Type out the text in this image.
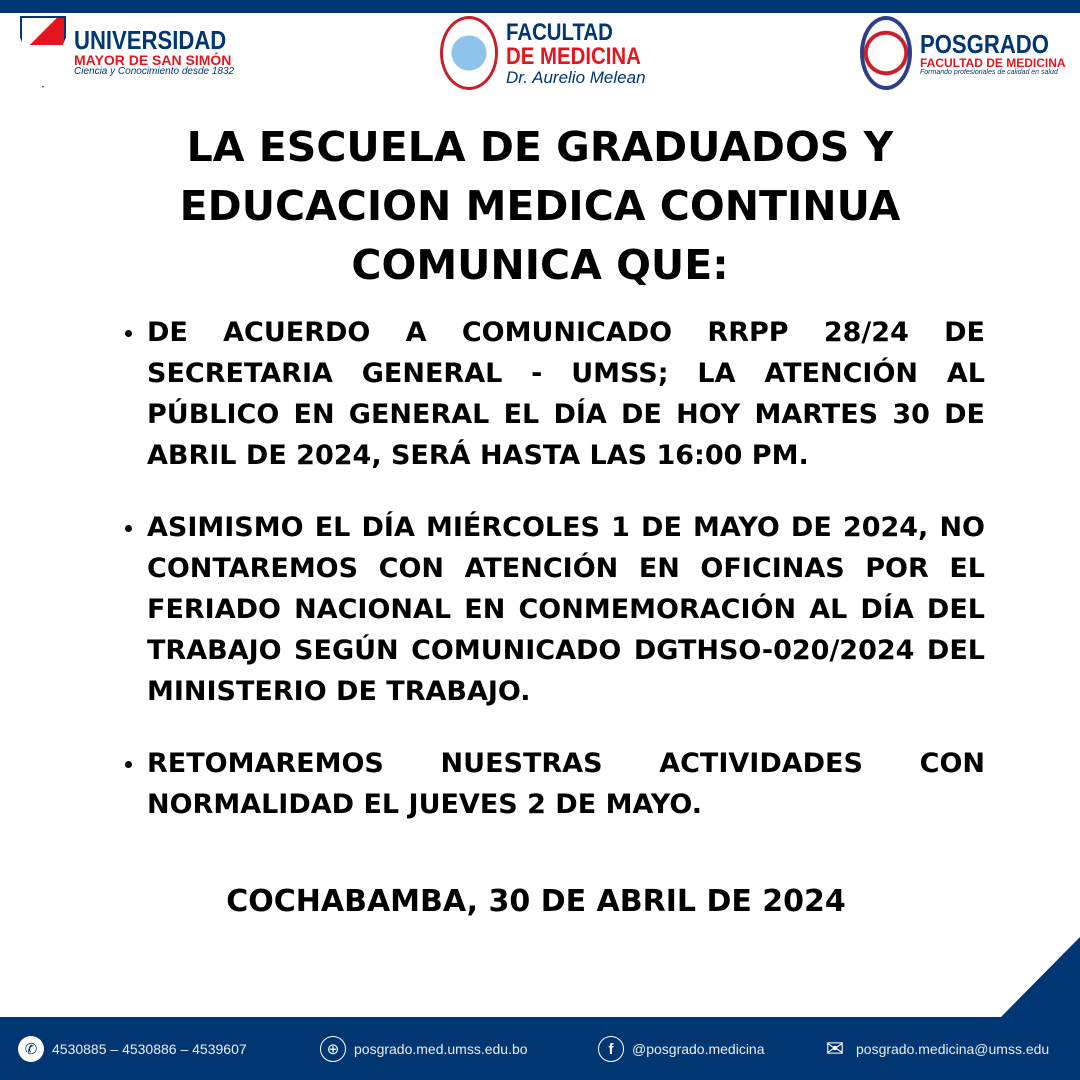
UNIVERSIDAD
MAYOR DE SAN SIMÓN
Ciencia y Conocimiento desde 1832
FACULTAD
DE MEDICINA
Dr. Aurelio Melean
POSGRADO
FACULTAD DE MEDICINA
Formando profesionales de calidad en salud
LA ESCUELA DE GRADUADOS Y
EDUCACION MEDICA CONTINUA
COMUNICA QUE:
DE ACUERDO A COMUNICADO RRPP 28/24 DE SECRETARIA GENERAL - UMSS; LA ATENCIÓN AL PÚBLICO EN GENERAL EL DÍA DE HOY MARTES 30 DE ABRIL DE 2024, SERÁ HASTA LAS 16:00 PM.
ASIMISMO EL DÍA MIÉRCOLES 1 DE MAYO DE 2024, NO CONTAREMOS CON ATENCIÓN EN OFICINAS POR EL FERIADO NACIONAL EN CONMEMORACIÓN AL DÍA DEL TRABAJO SEGÚN COMUNICADO DGTHSO-020/2024 DEL MINISTERIO DE TRABAJO.
RETOMAREMOS NUESTRAS ACTIVIDADES CON NORMALIDAD EL JUEVES 2 DE MAYO.
COCHABAMBA, 30 DE ABRIL DE 2024
✆	4530885 – 4530886 – 4539607	⊕	posgrado.med.umss.edu.bo	f	@posgrado.medicina	✉ posgrado.medicina@umss.edu
